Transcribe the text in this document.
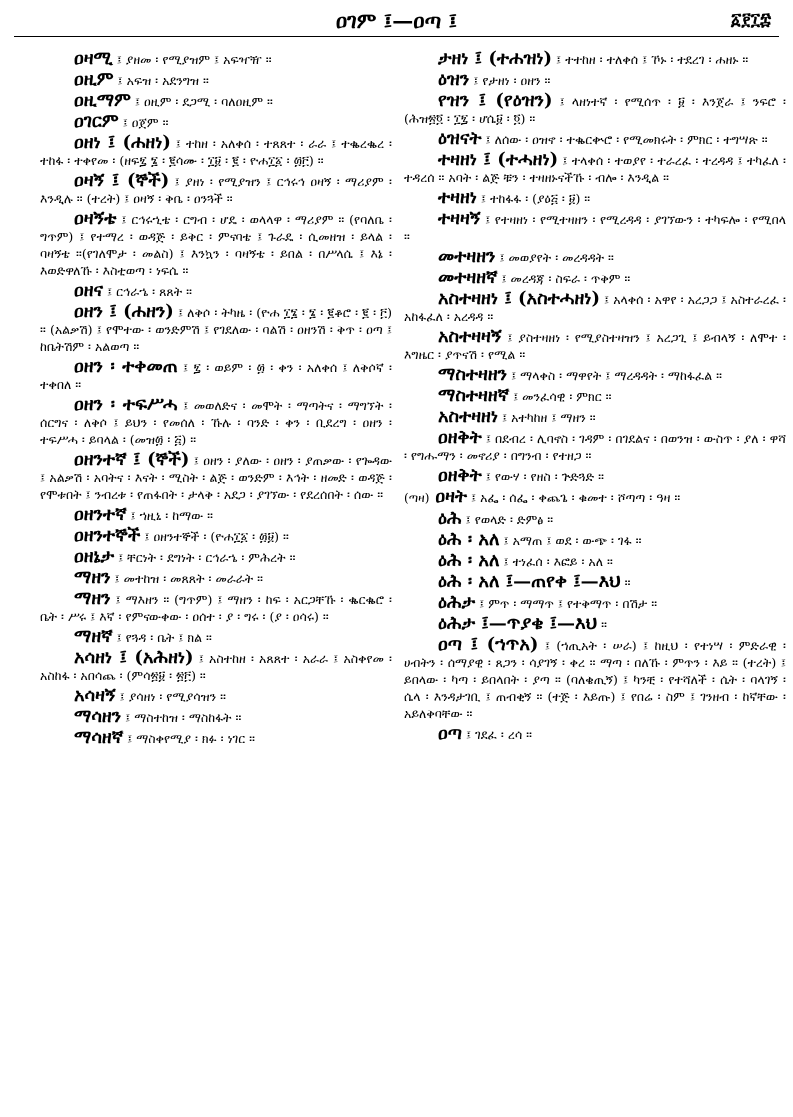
ዐገም ፤—ዐጣ ፤	፩፻፲፰

ዐዛሚ ፤ ያዘመ ፡ የሚያዝም ፤ አፍዣዥ ።

ዐዚም ፤ አፍዝ ፡ አደንግዝ ።

ዐዚማም ፤ ዐዚም ፡ ደጋሚ ፡ ባለዐዚም ።

ዐገርም ፤ ዐጀም ።

ዐዘነ ፤ (ሐዘነ) ፤ ተከዘ ፡ አለቀሰ ፡ ተጸጸተ ፡ ራራ ፤ ተቈረቈረ ፡ ተከፋ ፡ ተቀየመ ፡ (ዘፍ፯ ፮ ፡ ፪ሳሙ ፡ ፲፱ ፡ ፪ ፡ ዮሐ፲፩ ፡ ፴፫) ።

ዐዛኝ ፤ (ኞች) ፤ ያዘነ ፡ የሚያዝን ፤ ርኅሩኅ ዐዛኝ ፡ ማሪያም ፡ እንዲሉ ። (ተረት) ፤ ዐዛኝ ፡ ቅቤ ፡ ዐንጓች ።

ዐዛኝቴ ፤ ርኅሩኂቴ ፡ ርግብ ፡ ሆዴ ፡ ወላላዋ ፡ ማሪያም ። (የባለቤ ፡ ግጥም) ፤ የተማረ ፡ ወዳጅ ፡ ይቅር ፡ ምናባቴ ፤ ጉራዴ ፡ ሲመዘዝ ፡ ይላል ፡ ባዛኝቴ ።(የገለሞታ ፡ መልስ) ፤ እንኳን ፡ ባዛኝቴ ፡ ይበል ፡ በሥላሴ ፤ እኔ ፡ እወድዋለኹ ፡ እስቲወጣ ፡ ነፍሴ ።

ዐዘና ፤ ርኅራኄ ፡ ጸጸት ።

ዐዘን ፤ (ሐዘን) ፤ ለቅሶ ፡ ትካዜ ፡ (ዮሐ ፲፮ ፡ ፮ ፡ ፪ቆሮ ፡ ፪ ፡ ፫) ። (አልቃሽ) ፤ የሞተው ፡ ወንድምሽ ፤ የገደለው ፡ ባልሽ ፡ ዐዘንሽ ፡ ቅጥ ፡ ዐጣ ፤ ከቤትሽም ፡ አልወጣ ።

ዐዘን ፡ ተቀመጠ ፤ ፯ ፡ ወይም ፡ ፴ ፡ ቀን ፡ አለቀሰ ፤ ለቅሶኛ ፡ ተቀበለ ።

ዐዘን ፡ ተፍሥሓ ፤ መወለድና ፡ መሞት ፡ ማጣትና ፡ ማግኘት ፡ ሰርግና ፡ ለቅሶ ፤ ይህን ፡ የመሰለ ፡ ኹሉ ፡ ባንድ ፡ ቀን ፡ ቢደረግ ፡ ዐዘን ፡ ተፍሥሓ ፡ ይባላል ፡ (መዝ፴ ፡ ፭) ።

ዐዘንተኛ ፤ (ኞች) ፤ ዐዘን ፡ ያለው ፡ ዐዘን ፡ ያጠቃው ፡ የጐዳው ፤ አልቃሽ ፡ አባትና ፡ እናት ፡ ሚስት ፡ ልጅ ፡ ወንድም ፡ እኅት ፡ ዘመድ ፡ ወዳጅ ፡ የሞቱበት ፤ ንብረቱ ፡ የጠፋበት ፡ ታላቅ ፡ አደጋ ፡ ያገኘው ፡ የደረሰበት ፡ ሰው ።

ዐዘንተኛ ፤ ኀዚኒ ፡ ከማው ።

ዐዘንተኞች ፤ ዐዘንተኞች ፡ (ዮሐ፲፩ ፡ ፴፱) ።

ዐዘኔታ ፤ ቸርነት ፡ ደግነት ፡ ርኅራኄ ፡ ምሕረት ።

ማዘን ፤ መተከዝ ፡ መጸጸት ፡ መራራት ።

ማዘን ፤ ማእዘን ። (ግጥም) ፤ ማዘን ፡ ከፍ ፡ አርጋቸኹ ፡ ቈርቈሮ ፡ ቤት ፡ ሥሩ ፤ እኛ ፡ የምናውቀው ፡ ዐሰተ ፡ ያ ፡ ግሩ ፡ (ያ ፡ ዐሳሩ) ።

ማዘኛ ፤ የጓዳ ፡ ቤት ፤ ክል ።

አሳዘነ ፤ (አሕዘነ) ፤ አስተከዘ ፡ አጸጸተ ፡ አራራ ፤ አስቀየመ ፡ አስከፋ ፡ አበሳጨ ፡ (ምሳ፳፱ ፡ ፳፫) ።

አሳዛኝ ፤ ያሳዘነ ፡ የሚያሳዝን ።

ማሳዘን ፤ ማስተከዝ ፡ ማስከፋት ።

ማሳዘኛ ፤ ማስቀየሚያ ፡ ክፉ ፡ ነገር ።

ታዘነ ፤ (ተሐዝነ) ፤ ተተከዘ ፡ ተለቀሰ ፤ ኾኑ ፡ ተደረገ ፡ ሐዘኑ ።

ዕዝን ፤ የታዘነ ፡ ዐዘን ።

የዝን ፤ (የዕዝን) ፤ ላዘነተኛ ፡ የሚሰጥ ፡ ፱ ፡ እንጀራ ፤ ንፍሮ ፡ (ሕዝ፳፬ ፡ ፲፯ ፡ ሆሴ፱ ፡ ፬) ።

ዕዝናት ፤ ለሰው ፡ ዐዝኖ ፡ ተቈርቍሮ ፡ የሚመክሩት ፡ ምክር ፡ ተግሣጽ ።

ተዛዘነ ፤ (ተሓዘነ) ፤ ተላቀሰ ፡ ተወያየ ፡ ተራረፈ ፡ ተረዳዳ ፤ ተካፈለ ፡ ተዳረሰ ። አባት ፡ ልጅ ቹን ፡ ተዛዘኑናችኹ ፡ ብሎ ፡ እንዲል ።

ተዛዘነ ፤ ተከፋፋ ፡ (ያዕ፭ ፡ ፱) ።

ተዛዛኝ ፤ የተዛዘነ ፡ የሚተዛዘን ፡ የሚረዳዳ ፡ ያገኘውን ፡ ተካፍሎ ፡ የሚበላ ።

መተዛዘን ፤ መወያየት ፡ መረዳዳት ።

መተዛዘኛ ፤ መረዳጃ ፡ ስፍራ ፡ ጥቅም ።

አስተዛዘነ ፤ (አስተሓዘነ) ፤ አላቀሰ ፡ አዋየ ፡ አረጋጋ ፤ አስተራረፈ ፡ አከፋፈለ ፡ አረዳዳ ።

አስተዛዛኝ ፤ ያስተዛዘነ ፡ የሚያስተዛዝን ፤ አረጋጊ ፤ ይብላኝ ፡ ለሞተ ፡ እግዜር ፡ ያጥናሽ ፡ የሚል ።

ማስተዛዘን ፤ ማላቀስ ፡ ማዋየት ፤ ማረዳዳት ፡ ማከፋፈል ።

ማስተዛዘኛ ፤ መንፈሳዊ ፡ ምክር ።

አስተዛዘነ ፤ አተካከዘ ፤ ማዘን ።

ዐዘቅት ፤ በደብረ ፡ ሊባኖስ ፡ ገዳም ፡ በገደልና ፡ በወንዝ ፡ ውስጥ ፡ ያለ ፡ ዋሻ ፡ የግሑማን ፡ መኖሪያ ፡ በግንብ ፡ የተዘጋ ።

ዐዘቅት ፤ የውሃ ፡ የዘስ ፡ ጕድጓድ ።

(ጣዛ) ዐዛት ፤ አፌ ፡ ሰፌ ፡ ቀጨጌ ፡ ቁመተ ፡ ሾጣጣ ፡ ዓዛ ።

ዕሕ ፤ የወላድ ፡ ድምፅ ።

ዕሕ ፡ አለ ፤ አማጠ ፤ ወደ ፡ ውጭ ፡ ገፋ ።

ዕሕ ፡ አለ ፤ ተነፈሰ ፡ እፎይ ፡ አለ ።

ዕሕ ፡ አለ ፤—ጠየቀ ፤—እህ ።

ዕሕታ ፤ ምጥ ፡ ማማጥ ፤ የተቅማጥ ፡ በሽታ ።

ዕሕታ ፤—ጥያቄ ፤—እህ ።

ዐጣ ፤ (ኀጥአ) ፤ (ኀጢአት ፡ ሠራ) ፤ ከዚህ ፡ የተነሣ ፡ ምድራዊ ፡ ሀብትን ፡ ሰማያዊ ፡ ጸጋን ፡ ሳያገኝ ፡ ቀረ ። ማጣ ፡ በለኹ ፡ ምጥን ፡ እይ ። (ተረት) ፤ ይበላው ፡ ካጣ ፡ ይበላበት ፡ ያጣ ። (ባለቄጢኝ) ፤ ካንቺ ፡ የተሻለች ፡ ሴት ፡ ባላገኝ ፡ ሴላ ፡ እንዳታገቢ ፤ ጠብቂኝ ። (ተጅ ፡ እይጡ) ፤ የበሬ ፡ ስም ፤ ገንዘብ ፡ ከኛቸው ፡ አይለቅባቸው ።

ዐጣ ፤ ገደፈ ፡ ረሳ ።
